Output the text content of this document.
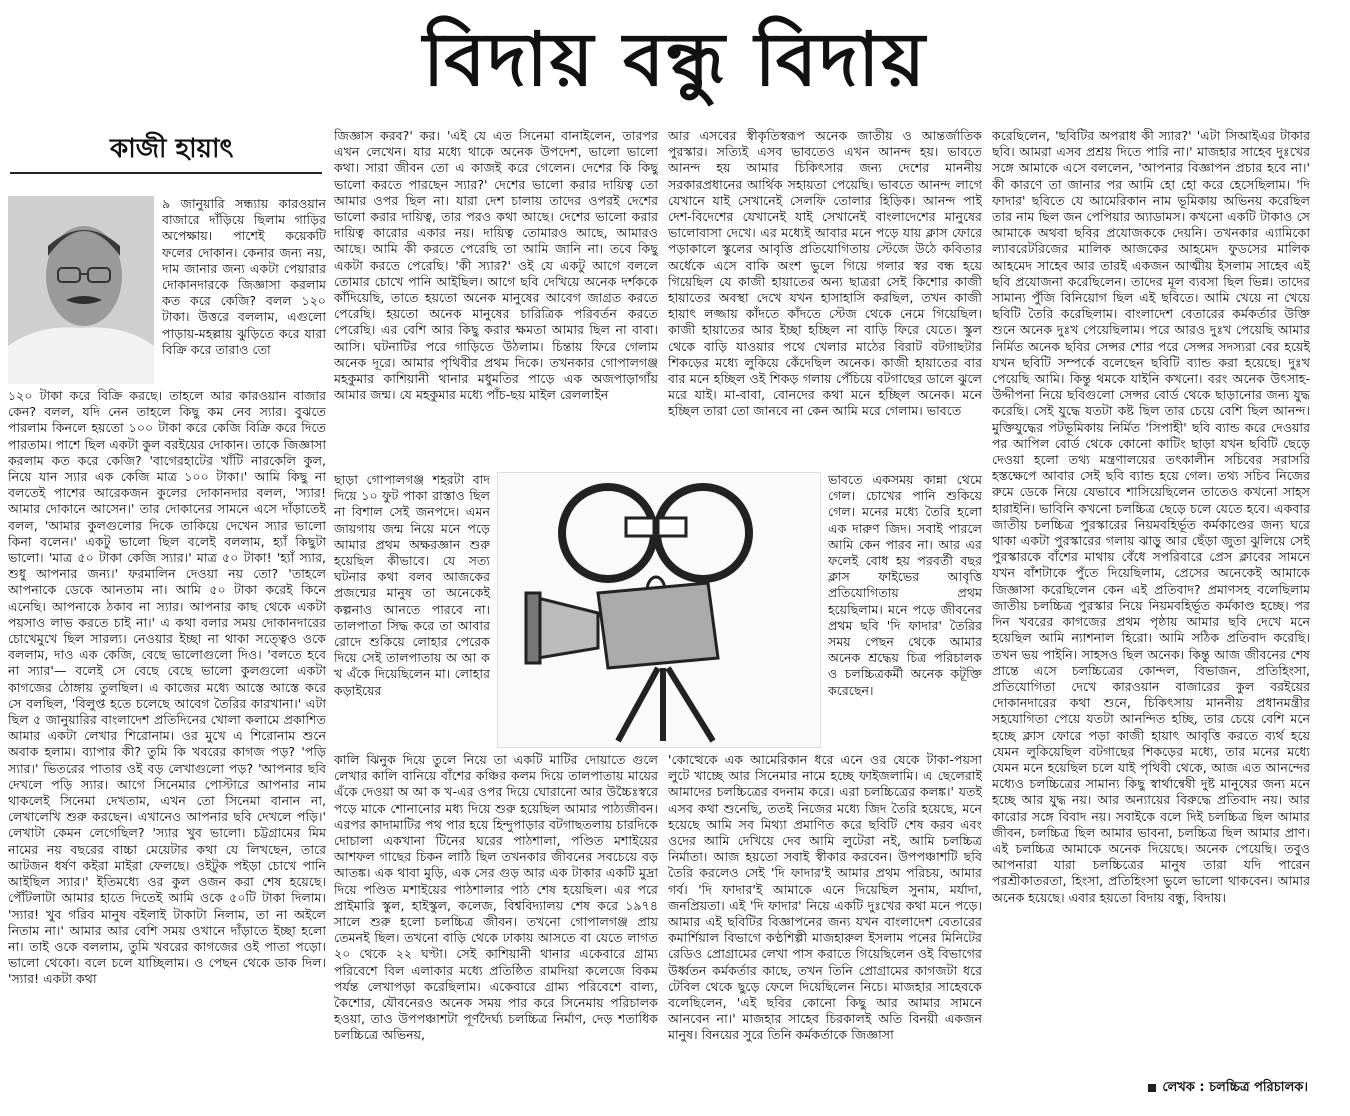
বিদায় বন্ধু বিদায়
কাজী হায়াৎ

৯ জানুয়ারি সন্ধ্যায় কারওয়ান বাজারে দাঁড়িয়ে ছিলাম গাড়ির অপেক্ষায়। পাশেই কয়েকটি ফলের দোকান। কেনার জন্য নয়, দাম জানার জন্য একটা পেয়ারার দোকানদারকে জিজ্ঞাসা করলাম কত করে কেজি? বলল ১২০ টাকা। উত্তরে বললাম, এগুলো পাড়ায়-মহল্লায় ঝুড়িতে করে যারা বিক্রি করে তারাও তো

১২০ টাকা করে বিক্রি করছে। তাহলে আর কারওয়ান বাজার কেন? বলল, যদি নেন তাহলে কিছু কম নেব স্যার। বুঝতে পারলাম কিনলে হয়তো ১০০ টাকা করে কেজি বিক্রি করে দিতে পারতাম। পাশে ছিল একটা কুল বরইয়ের দোকান। তাকে জিজ্ঞাসা করলাম কত করে কেজি? 'বাগেরহাটের খাঁটি নারকেলি কুল, নিয়ে যান স্যার এক কেজি মাত্র ১০০ টাকা।' আমি কিছু না বলতেই পাশের আরেকজন কুলের দোকানদার বলল, 'স্যার! আমার দোকানে আসেন।' তার দোকানের সামনে এসে দাঁড়াতেই বলল, 'আমার কুলগুলোর দিকে তাকিয়ে দেখেন স্যার ভালো কিনা বলেন।' একটু ভালো ছিল বলেই বললাম, হ্যাঁ কিছুটা ভালো। 'মাত্র ৫০ টাকা কেজি স্যার।' মাত্র ৫০ টাকা! 'হ্যাঁ স্যার, শুধু আপনার জন্য।' ফরমালিন দেওয়া নয় তো? 'তাহলে আপনাকে ডেকে আনতাম না। আমি ৫০ টাকা করেই কিনে এনেছি। আপনাকে ঠকাব না স্যার। আপনার কাছ থেকে একটা পয়সাও লাভ করতে চাই না।' এ কথা বলার সময় দোকানদারের চোখেমুখে ছিল সারল্য। নেওয়ার ইচ্ছা না থাকা সত্ত্বেও ওকে বললাম, দাও এক কেজি, বেছে ভালোগুলো দিও। 'বলতে হবে না স্যার'— বলেই সে বেছে বেছে ভালো কুলগুলো একটা কাগজের ঠোঙ্গায় তুলছিল। এ কাজের মধ্যে আস্তে আস্তে করে সে বলছিল, 'বিলুপ্ত হতে চলেছে আবেগ তৈরির কারখানা।' এটা ছিল ৫ জানুয়ারির বাংলাদেশ প্রতিদিনের খোলা কলামে প্রকাশিত আমার একটা লেখার শিরোনাম। ওর মুখে এ শিরোনাম শুনে অবাক হলাম। ব্যাপার কী? তুমি কি খবরের কাগজ পড়? 'পড়ি স্যার।' ভিতরের পাতার ওই বড় লেখাগুলো পড়? 'আপনার ছবি দেখলে পড়ি স্যার। আগে সিনেমার পোস্টারে আপনার নাম থাকলেই সিনেমা দেখতাম, এখন তো সিনেমা বানান না, লেখালেখি শুরু করছেন। এখানেও আপনার ছবি দেখলে পড়ি।' লেখাটা কেমন লেগেছিল? 'স্যার খুব ভালো। চট্টগ্রামের মিম নামের নয় বছরের বাচ্চা মেয়েটার কথা যে লিখছেন, তারে আটজন ধর্ষণ কইরা মাইরা ফেলছে। ওইটুক পইড়া চোখে পানি আইছিল স্যার।' ইতিমধ্যে ওর কুল ওজন করা শেষ হয়েছে। পৌঁটলাটা আমার হাতে দিতেই আমি ওকে ৫০টি টাকা দিলাম। 'স্যার! খুব গরিব মানুষ বইলাই টাকাটা নিলাম, তা না অইলে নিতাম না।' আমার আর বেশি সময় ওখানে দাঁড়াতে ইচ্ছা হলো না। তাই ওকে বললাম, তুমি খবরের কাগজের ওই পাতা পড়ো। ভালো থেকো। বলে চলে যাচ্ছিলাম। ও পেছন থেকে ডাক দিল। 'স্যার! একটা কথা

জিজ্ঞাস করব?' কর। 'এই যে এত সিনেমা বানাইলেন, তারপর এখন লেখেন। যার মধ্যে থাকে অনেক উপদেশ, ভালো ভালো কথা। সারা জীবন তো এ কাজই করে গেলেন। দেশের কি কিছু ভালো করতে পারছেন স্যার?' দেশের ভালো করার দায়িত্ব তো আমার ওপর ছিল না। যারা দেশ চালায় তাদের ওপরই দেশের ভালো করার দায়িত্ব, তার পরও কথা আছে। দেশের ভালো করার দায়িত্ব কারোর একার নয়। দায়িত্ব তোমারও আছে, আমারও আছে। আমি কী করতে পেরেছি তা আমি জানি না। তবে কিছু একটা করতে পেরেছি। 'কী স্যার?' ওই যে একটু আগে বললে তোমার চোখে পানি আইছিল। আগে ছবি দেখিয়ে অনেক দর্শককে কাঁদিয়েছি, তাতে হয়তো অনেক মানুষের আবেগ জাগ্রত করতে পেরেছি। হয়তো অনেক মানুষের চারিত্রিক পরিবর্তন করতে পেরেছি। এর বেশি আর কিছু করার ক্ষমতা আমার ছিল না বাবা। আসি। ঘটনাটির পরে গাড়িতে উঠলাম। চিন্তায় ফিরে গেলাম অনেক দূরে। আমার পৃথিবীর প্রথম দিকে। তখনকার গোপালগঞ্জ মহকুমার কাশিয়ানী থানার মধুমতির পাড়ে এক অজপাড়াগাঁয় আমার জন্ম। যে মহকুমার মধ্যে পাঁচ-ছয় মাইল রেললাইন

ছাড়া গোপালগঞ্জ শহরটা বাদ দিয়ে ১০ ফুট পাকা রাস্তাও ছিল না বিশাল সেই জনপদে। এমন জায়গায় জন্ম নিয়ে মনে পড়ে আমার প্রথম অক্ষরজ্ঞান শুরু হয়েছিল কীভাবে। যে সত্য ঘটনার কথা বলব আজকের প্রজন্মের মানুষ তা অনেকেই কল্পনাও আনতে পারবে না। তালপাতা সিদ্ধ করে তা আবার রোদে শুকিয়ে লোহার পেরেক দিয়ে সেই তালপাতায় অ আ ক খ এঁকে দিয়েছিলেন মা। লোহার কড়াইয়ের

কালি ঝিনুক দিয়ে তুলে নিয়ে তা একটি মাটির দোয়াতে গুলে লেখার কালি বানিয়ে বাঁশের কঞ্চির কলম দিয়ে তালপাতায় মায়ের এঁকে দেওয়া অ আ ক খ-এর ওপর দিয়ে ঘোরানো আর উচ্চৈঃস্বরে পড়ে মাকে শোনানোর মধ্য দিয়ে শুরু হয়েছিল আমার পাঠ্যজীবন। এরপর কাদামাটির পথ পার হয়ে হিন্দুপাড়ার বটগাছতলায় চারদিকে দোচালা একখানা টিনের ঘরের পাঠশালা, পণ্ডিত মশাইয়ের আশফল গাছের চিকন লাঠি ছিল তখনকার জীবনের সবচেয়ে বড় আতঙ্ক। এক থাবা মুড়ি, এক সের গুড় আর এক টাকার একটি মুদ্রা দিয়ে পণ্ডিত মশাইয়ের পাঠশালার পাঠ শেষ হয়েছিল। এর পরে প্রাইমারি স্কুল, হাইস্কুল, কলেজ, বিশ্ববিদ্যালয় শেষ করে ১৯৭৪ সালে শুরু হলো চলচ্চিত্র জীবন। তখনো গোপালগঞ্জ প্রায় তেমনই ছিল। তখনো বাড়ি থেকে ঢাকায় আসতে বা যেতে লাগত ২০ থেকে ২২ ঘণ্টা। সেই কাশিয়ানী থানার একেবারে গ্রাম্য পরিবেশে বিল এলাকার মধ্যে প্রতিষ্ঠিত রামদিয়া কলেজে বিকম পর্যন্ত লেখাপড়া করেছিলাম। একেবারে গ্রাম্য পরিবেশে বাল্য, কৈশোর, যৌবনেরও অনেক সময় পার করে সিনেমায় পরিচালক হওয়া, তাও উপপঞ্চাশটা পূর্ণদৈর্ঘ্য চলচ্চিত্র নির্মাণ, দেড় শতাধিক চলচ্চিত্রে অভিনয়,

আর এসবের স্বীকৃতিস্বরূপ অনেক জাতীয় ও আন্তর্জাতিক পুরস্কার। সত্যিই এসব ভাবতেও এখন আনন্দ হয়। ভাবতে আনন্দ হয় আমার চিকিৎসার জন্য দেশের মাননীয় সরকারপ্রধানের আর্থিক সহায়তা পেয়েছি। ভাবতে আনন্দ লাগে যেখানে যাই সেখানেই সেলফি তোলার হিড়িক। আনন্দ পাই দেশ-বিদেশের যেখানেই যাই সেখানেই বাংলাদেশের মানুষের ভালোবাসা দেখে। এর মধ্যেই আবার মনে পড়ে যায় ক্লাস ফোরে পড়াকালে স্কুলের আবৃত্তি প্রতিযোগিতায় স্টেজে উঠে কবিতার অর্ধেকে এসে বাকি অংশ ভুলে গিয়ে গলার স্বর বন্ধ হয়ে গিয়েছিল যে কাজী হায়াতের অন্য ছাত্ররা সেই কিশোর কাজী হায়াতের অবস্থা দেখে যখন হাসাহাসি করছিল, তখন কাজী হায়াৎ লজ্জায় কাঁদতে কাঁদতে স্টেজ থেকে নেমে গিয়েছিল। কাজী হায়াতের আর ইচ্ছা হচ্ছিল না বাড়ি ফিরে যেতে। স্কুল থেকে বাড়ি যাওয়ার পথে খেলার মাঠের বিরাট বটগাছটার শিকড়ের মধ্যে লুকিয়ে কেঁদেছিল অনেক। কাজী হায়াতের বার বার মনে হচ্ছিল ওই শিকড় গলায় পেঁচিয়ে বটগাছের ডালে ঝুলে মরে যাই। মা-বাবা, বোনদের কথা মনে হচ্ছিল অনেক। মনে হচ্ছিল তারা তো জানবে না কেন আমি মরে গেলাম। ভাবতে

ভাবতে একসময় কান্না থেমে গেল। চোখের পানি শুকিয়ে গেল। মনের মধ্যে তৈরি হলো এক দারুণ জিদ। সবাই পারলে আমি কেন পারব না। আর এর ফলেই বোধ হয় পরবর্তী বছর ক্লাস ফাইভের আবৃত্তি প্রতিযোগিতায় প্রথম হয়েছিলাম। মনে পড়ে জীবনের প্রথম ছবি 'দি ফাদার' তৈরির সময় পেছন থেকে আমার অনেক শ্রদ্ধেয় চিত্র পরিচালক ও চলচ্চিত্রকর্মী অনেক কটূক্তি করেছেন।

'কোত্থেকে এক আমেরিকান ধরে এনে ওর যেকে টাকা-পয়সা লুটে খাচ্ছে আর সিনেমার নামে হচ্ছে ফাইজলামি। এ ছেলেরাই আমাদের চলচ্চিত্রের বদনাম করে। এরা চলচ্চিত্রের কলঙ্ক।' যতই এসব কথা শুনেছি, ততই নিজের মধ্যে জিদ তৈরি হয়েছে, মনে হয়েছে আমি সব মিথ্যা প্রমাণিত করে ছবিটি শেষ করব এবং ওদের আমি দেখিয়ে দেব আমি লুটেরা নই, আমি চলচ্চিত্র নির্মাতা। আজ হয়তো সবাই স্বীকার করবেন। উপপঞ্চাশটি ছবি তৈরি করলেও সেই 'দি ফাদার'ই আমার প্রথম পরিচয়, আমার গর্ব। 'দি ফাদার'ই আমাকে এনে দিয়েছিল সুনাম, মর্যাদা, জনপ্রিয়তা। এই 'দি ফাদার' নিয়ে একটি দুঃখের কথা মনে পড়ে। আমার এই ছবিটির বিজ্ঞাপনের জন্য যখন বাংলাদেশ বেতারের কমার্শিয়াল বিভাগে কণ্ঠশিল্পী মাজহারুল ইসলাম পনের মিনিটের রেডিও প্রোগ্রামের লেখা পাস করাতে গিয়েছিলেন ওই বিভাগের উর্ধ্বতন কর্মকর্তার কাছে, তখন তিনি প্রোগ্রামের কাগজটা ধরে টেবিল থেকে ছুড়ে ফেলে দিয়েছিলেন নিচে। মাজহার সাহেবকে বলেছিলেন, 'এই ছবির কোনো কিছু আর আমার সামনে আনবেন না।' মাজহার সাহেব চিরকালই অতি বিনয়ী একজন মানুষ। বিনয়ের সুরে তিনি কর্মকর্তাকে জিজ্ঞাসা

করেছিলেন, 'ছবিটির অপরাধ কী স্যার?' 'এটা সিআইএর টাকার ছবি। আমরা এসব প্রশ্রয় দিতে পারি না।' মাজহার সাহেব দুঃখের সঙ্গে আমাকে এসে বললেন, 'আপনার বিজ্ঞাপন প্রচার হবে না।' কী কারণে তা জানার পর আমি হো হো করে হেসেছিলাম। 'দি ফাদার' ছবিতে যে আমেরিকান নাম ভূমিকায় অভিনয় করেছিল তার নাম ছিল জন পেপিয়ার অ্যাডামস। কখনো একটি টাকাও সে আমাকে অথবা ছবির প্রযোজককে দেয়নি। তখনকার এ্যামিকো ল্যাবরেটরিজের মালিক আজকের আহমেদ ফুডসের মালিক আহমেদ সাহেব আর তারই একজন আত্মীয় ইসলাম সাহেব এই ছবি প্রযোজনা করেছিলেন। তাদের মূল ব্যবসা ছিল ভিন্ন। তাদের সামান্য পুঁজি বিনিয়োগ ছিল এই ছবিতে। আমি খেয়ে না খেয়ে ছবিটি তৈরি করেছিলাম। বাংলাদেশ বেতারের কর্মকর্তার উক্তি শুনে অনেক দুঃখ পেয়েছিলাম। পরে আরও দুঃখ পেয়েছি আমার নির্মিত অনেক ছবির সেন্সর শোর পরে সেন্সর সদস্যরা বের হয়েই যখন ছবিটি সম্পর্কে বলেছেন ছবিটি ব্যান্ড করা হয়েছে। দুঃখ পেয়েছি আমি। কিন্তু থমকে যাইনি কখনো। বরং অনেক উৎসাহ-উদ্দীপনা নিয়ে ছবিগুলো সেন্সর বোর্ড থেকে ছাড়ানোর জন্য যুদ্ধ করেছি। সেই যুদ্ধে যতটা কষ্ট ছিল তার চেয়ে বেশি ছিল আনন্দ। মুক্তিযুদ্ধের পটভূমিকায় নির্মিত 'সিপাহী' ছবি ব্যান্ড করে দেওয়ার পর আপিল বোর্ড থেকে কোনো কাটিং ছাড়া যখন ছবিটি ছেড়ে দেওয়া হলো তথ্য মন্ত্রণালয়ের তৎকালীন সচিবের সরাসরি হস্তক্ষেপে আবার সেই ছবি ব্যান্ড হয়ে গেল। তথ্য সচিব নিজের রুমে ডেকে নিয়ে যেভাবে শাসিয়েছিলেন তাতেও কখনো সাহস হারাইনি। ভাবিনি কখনো চলচ্চিত্র ছেড়ে চলে যেতে হবে। একবার জাতীয় চলচ্চিত্র পুরস্কারের নিয়মবহির্ভূত কর্মকাণ্ডের জন্য ঘরে থাকা একটা পুরস্কারের গলায় ঝাড়ু আর ছেঁড়া জুতা ঝুলিয়ে সেই পুরস্কারকে বাঁশের মাথায় বেঁধে সপরিবারে প্রেস ক্লাবের সামনে যখন বাঁশটাকে পুঁতে দিয়েছিলাম, প্রেসের অনেকেই আমাকে জিজ্ঞাসা করেছিলেন কেন এই প্রতিবাদ? প্রমাণসহ বলেছিলাম জাতীয় চলচ্চিত্র পুরস্কার নিয়ে নিয়মবহির্ভূত কর্মকাণ্ড হচ্ছে। পর দিন খবরের কাগজের প্রথম পৃষ্ঠায় আমার ছবি দেখে মনে হয়েছিল আমি ন্যাশনাল হিরো। আমি সঠিক প্রতিবাদ করেছি। তখন ভয় পাইনি। সাহসও ছিল অনেক। কিন্তু আজ জীবনের শেষ প্রান্তে এসে চলচ্চিত্রের কোন্দল, বিভাজন, প্রতিহিংসা, প্রতিযোগিতা দেখে কারওয়ান বাজারের কুল বরইয়ের দোকানদারের কথা শুনে, চিকিৎসায় মাননীয় প্রধানমন্ত্রীর সহযোগিতা পেয়ে যতটা আনন্দিত হচ্ছি, তার চেয়ে বেশি মনে হচ্ছে ক্লাস ফোরে পড়া কাজী হায়াৎ আবৃত্তি করতে ব্যর্থ হয়ে যেমন লুকিয়েছিল বটগাছের শিকড়ের মধ্যে, তার মনের মধ্যে যেমন মনে হয়েছিল চলে যাই পৃথিবী থেকে, আজ এত আনন্দের মধ্যেও চলচ্চিত্রের সামান্য কিছু স্বার্থান্বেষী দুষ্ট মানুষের জন্য মনে হচ্ছে আর যুদ্ধ নয়। আর অন্যায়ের বিরুদ্ধে প্রতিবাদ নয়। আর কারোর সঙ্গে বিবাদ নয়। সবাইকে বলে দিই চলচ্চিত্র ছিল আমার জীবন, চলচ্চিত্র ছিল আমার ভাবনা, চলচ্চিত্র ছিল আমার প্রাণ। এই চলচ্চিত্র আমাকে অনেক দিয়েছে। অনেক পেয়েছি। তবুও আপনারা যারা চলচ্চিত্রের মানুষ তারা যদি পারেন পরশ্রীকাতরতা, হিংসা, প্রতিহিংসা ভুলে ভালো থাকবেন। আমার অনেক হয়েছে। এবার হয়তো বিদায় বন্ধু, বিদায়।

লেখক : চলচ্চিত্র পরিচালক।
